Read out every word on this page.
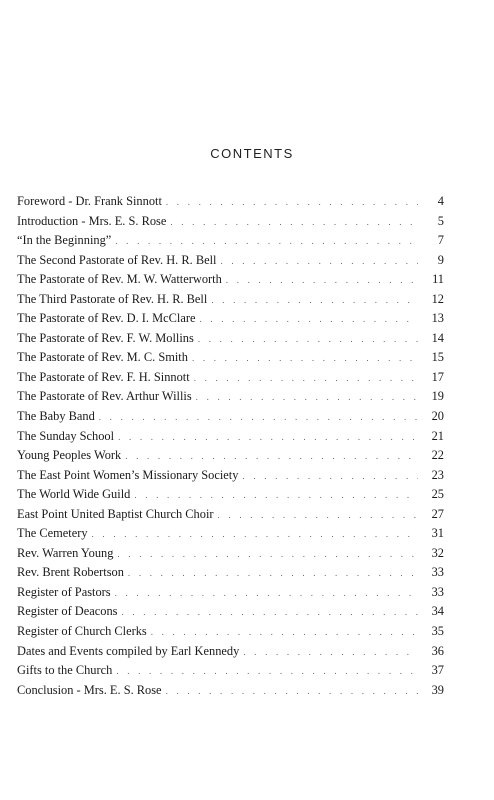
CONTENTS
Foreword - Dr. Frank Sinnott . . .	4
Introduction - Mrs. E. S. Rose . . .	5
“In the Beginning” . . .	7
The Second Pastorate of Rev. H. R. Bell . . .	9
The Pastorate of Rev. M. W. Watterworth . . .	11
The Third Pastorate of Rev. H. R. Bell . . .	12
The Pastorate of Rev. D. I. McClare . . .	13
The Pastorate of Rev. F. W. Mollins . . .	14
The Pastorate of Rev. M. C. Smith . . .	15
The Pastorate of Rev. F. H. Sinnott . . .	17
The Pastorate of Rev. Arthur Willis . . .	19
The Baby Band . . .	20
The Sunday School . . .	21
Young Peoples Work . . .	22
The East Point Women’s Missionary Society . . .	23
The World Wide Guild . . .	25
East Point United Baptist Church Choir . . .	27
The Cemetery . . .	31
Rev. Warren Young . . .	32
Rev. Brent Robertson . . .	33
Register of Pastors . . .	33
Register of Deacons . . .	34
Register of Church Clerks . . .	35
Dates and Events compiled by Earl Kennedy . . .	36
Gifts to the Church . . .	37
Conclusion - Mrs. E. S. Rose . . .	39
